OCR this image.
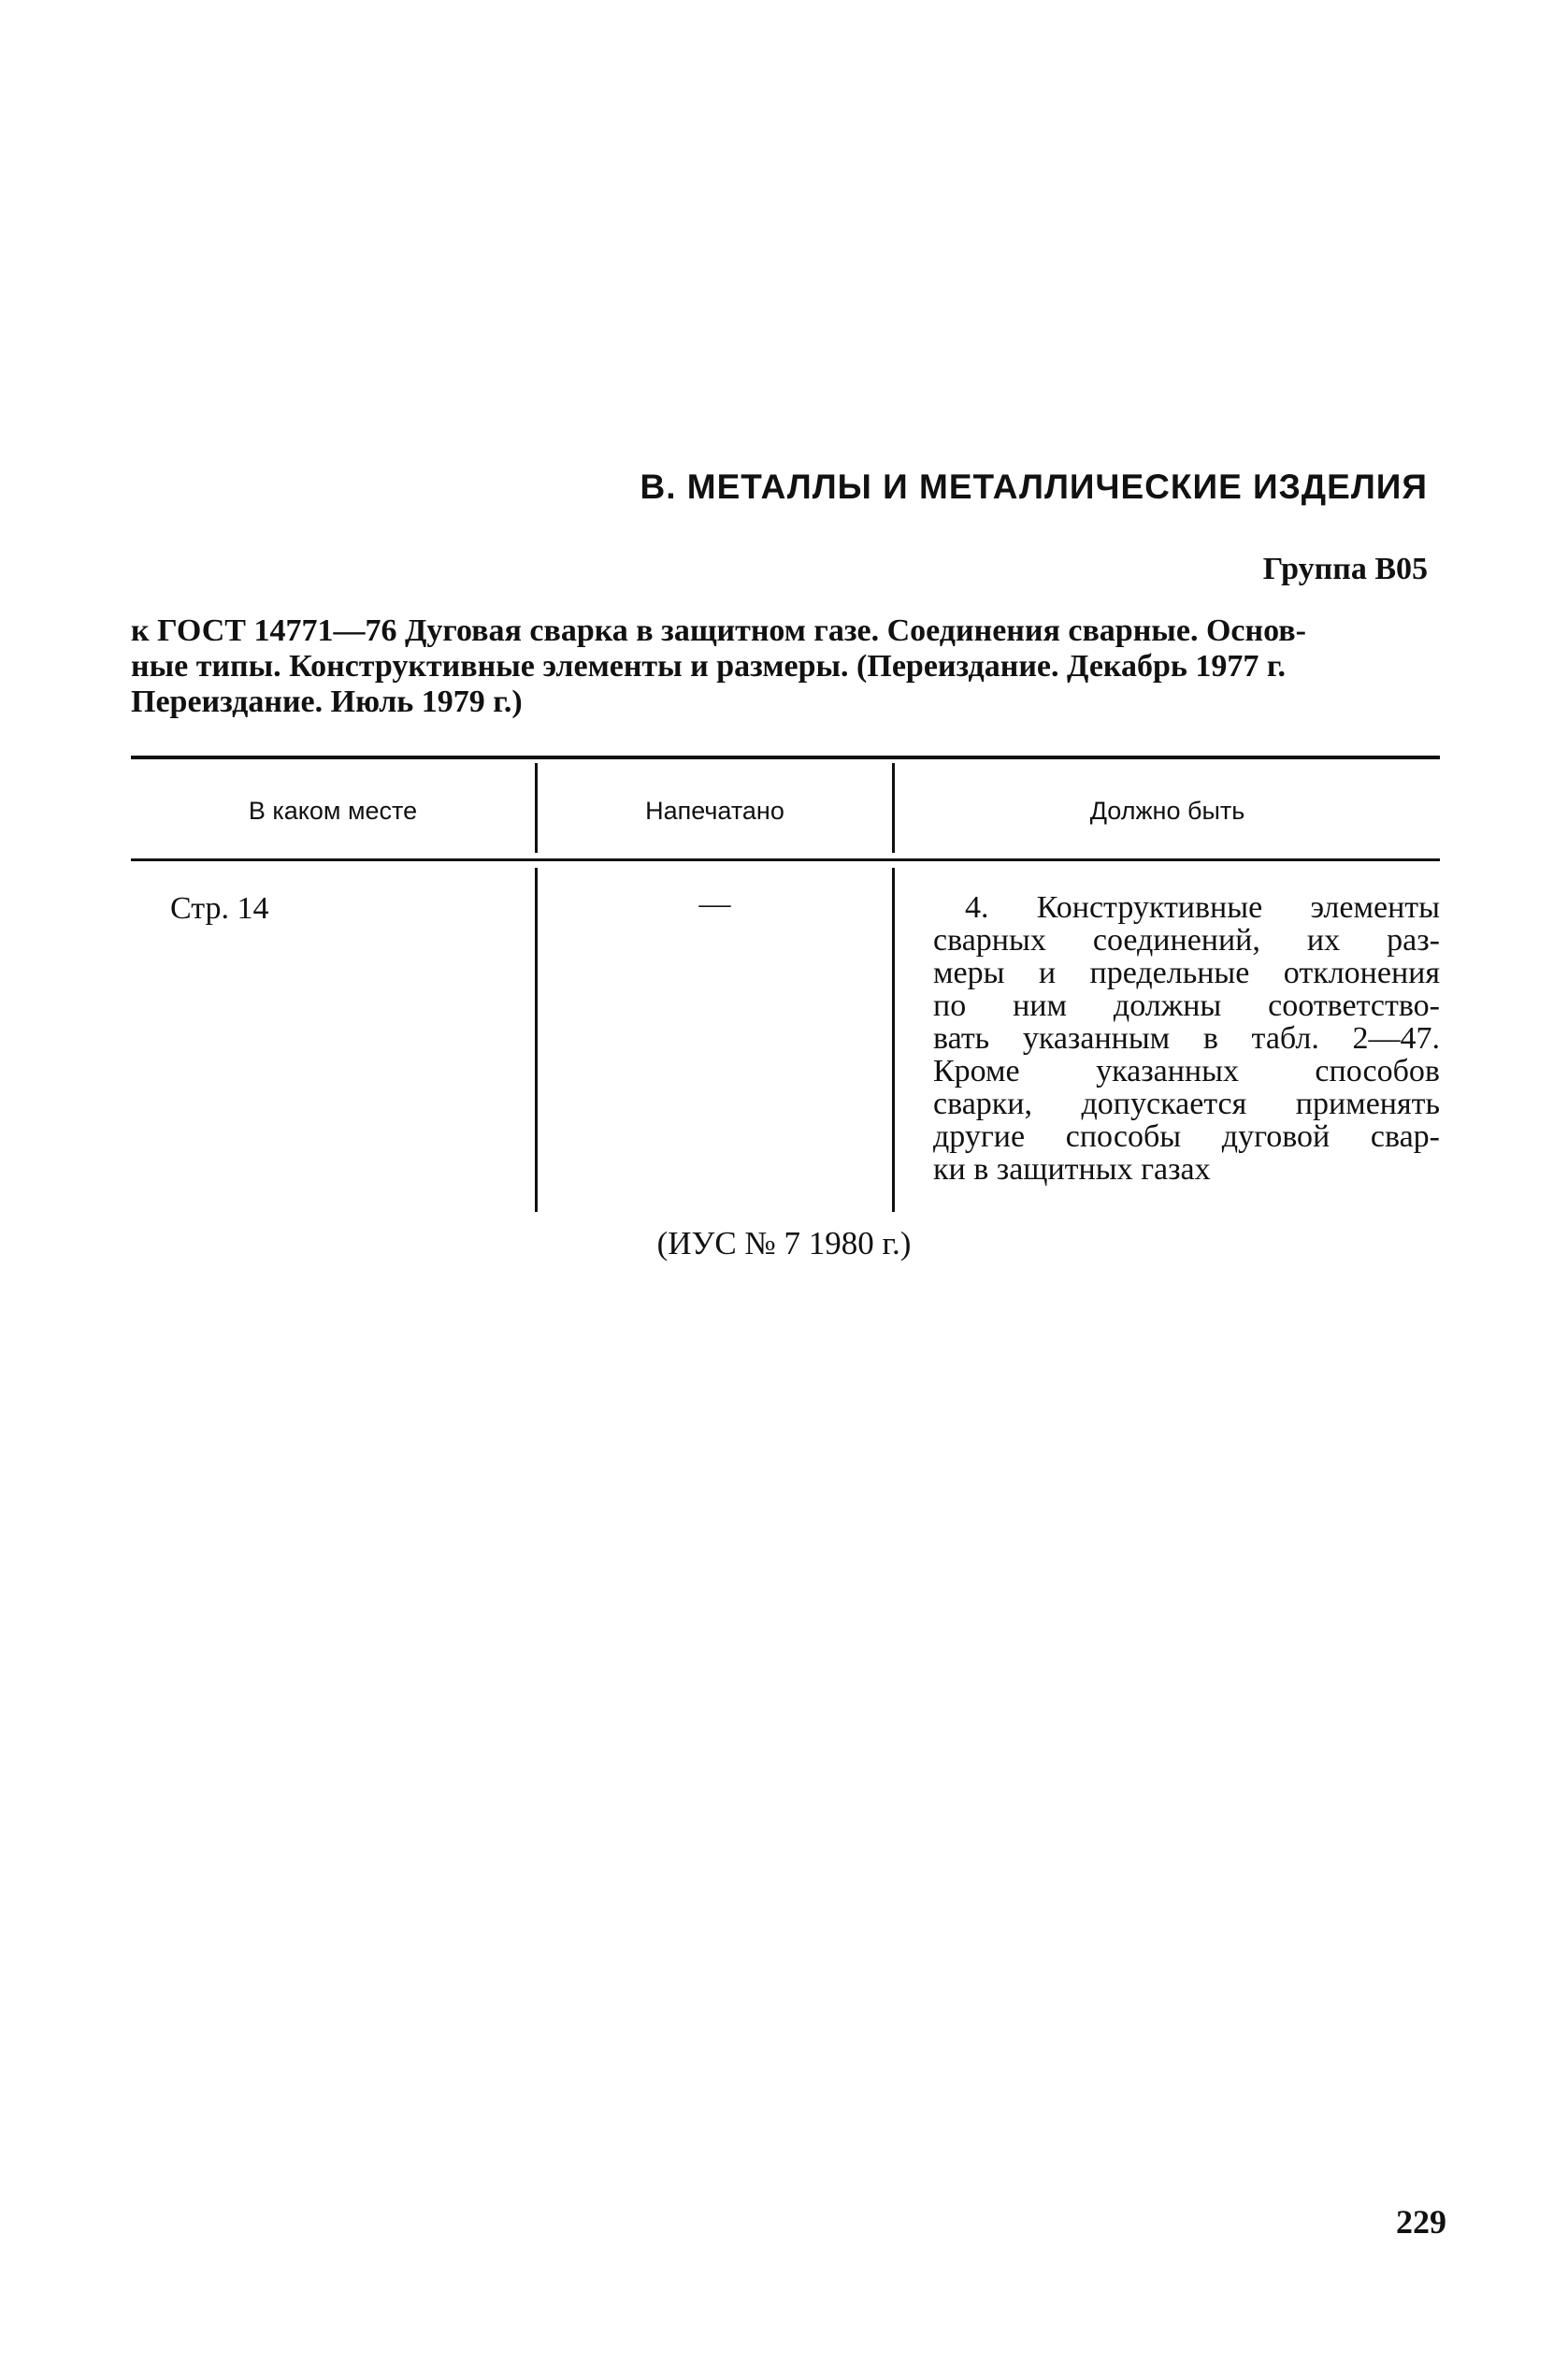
В. МЕТАЛЛЫ И МЕТАЛЛИЧЕСКИЕ ИЗДЕЛИЯ
Группа В05
к ГОСТ 14771—76 Дуговая сварка в защитном газе. Соединения сварные. Основ-
ные типы. Конструктивные элементы и размеры. (Переиздание. Декабрь 1977 г.
Переиздание. Июль 1979 г.)
В каком месте	Напечатано	Должно быть
Стр. 14	—	4. Конструктивные элементы
сварных соединений, их раз-
меры и предельные отклонения
по ним должны соответство-
вать указанным в табл. 2—47.
Кроме указанных способов
сварки, допускается применять
другие способы дуговой свар-
ки в защитных газах
(ИУС № 7 1980 г.)
229
